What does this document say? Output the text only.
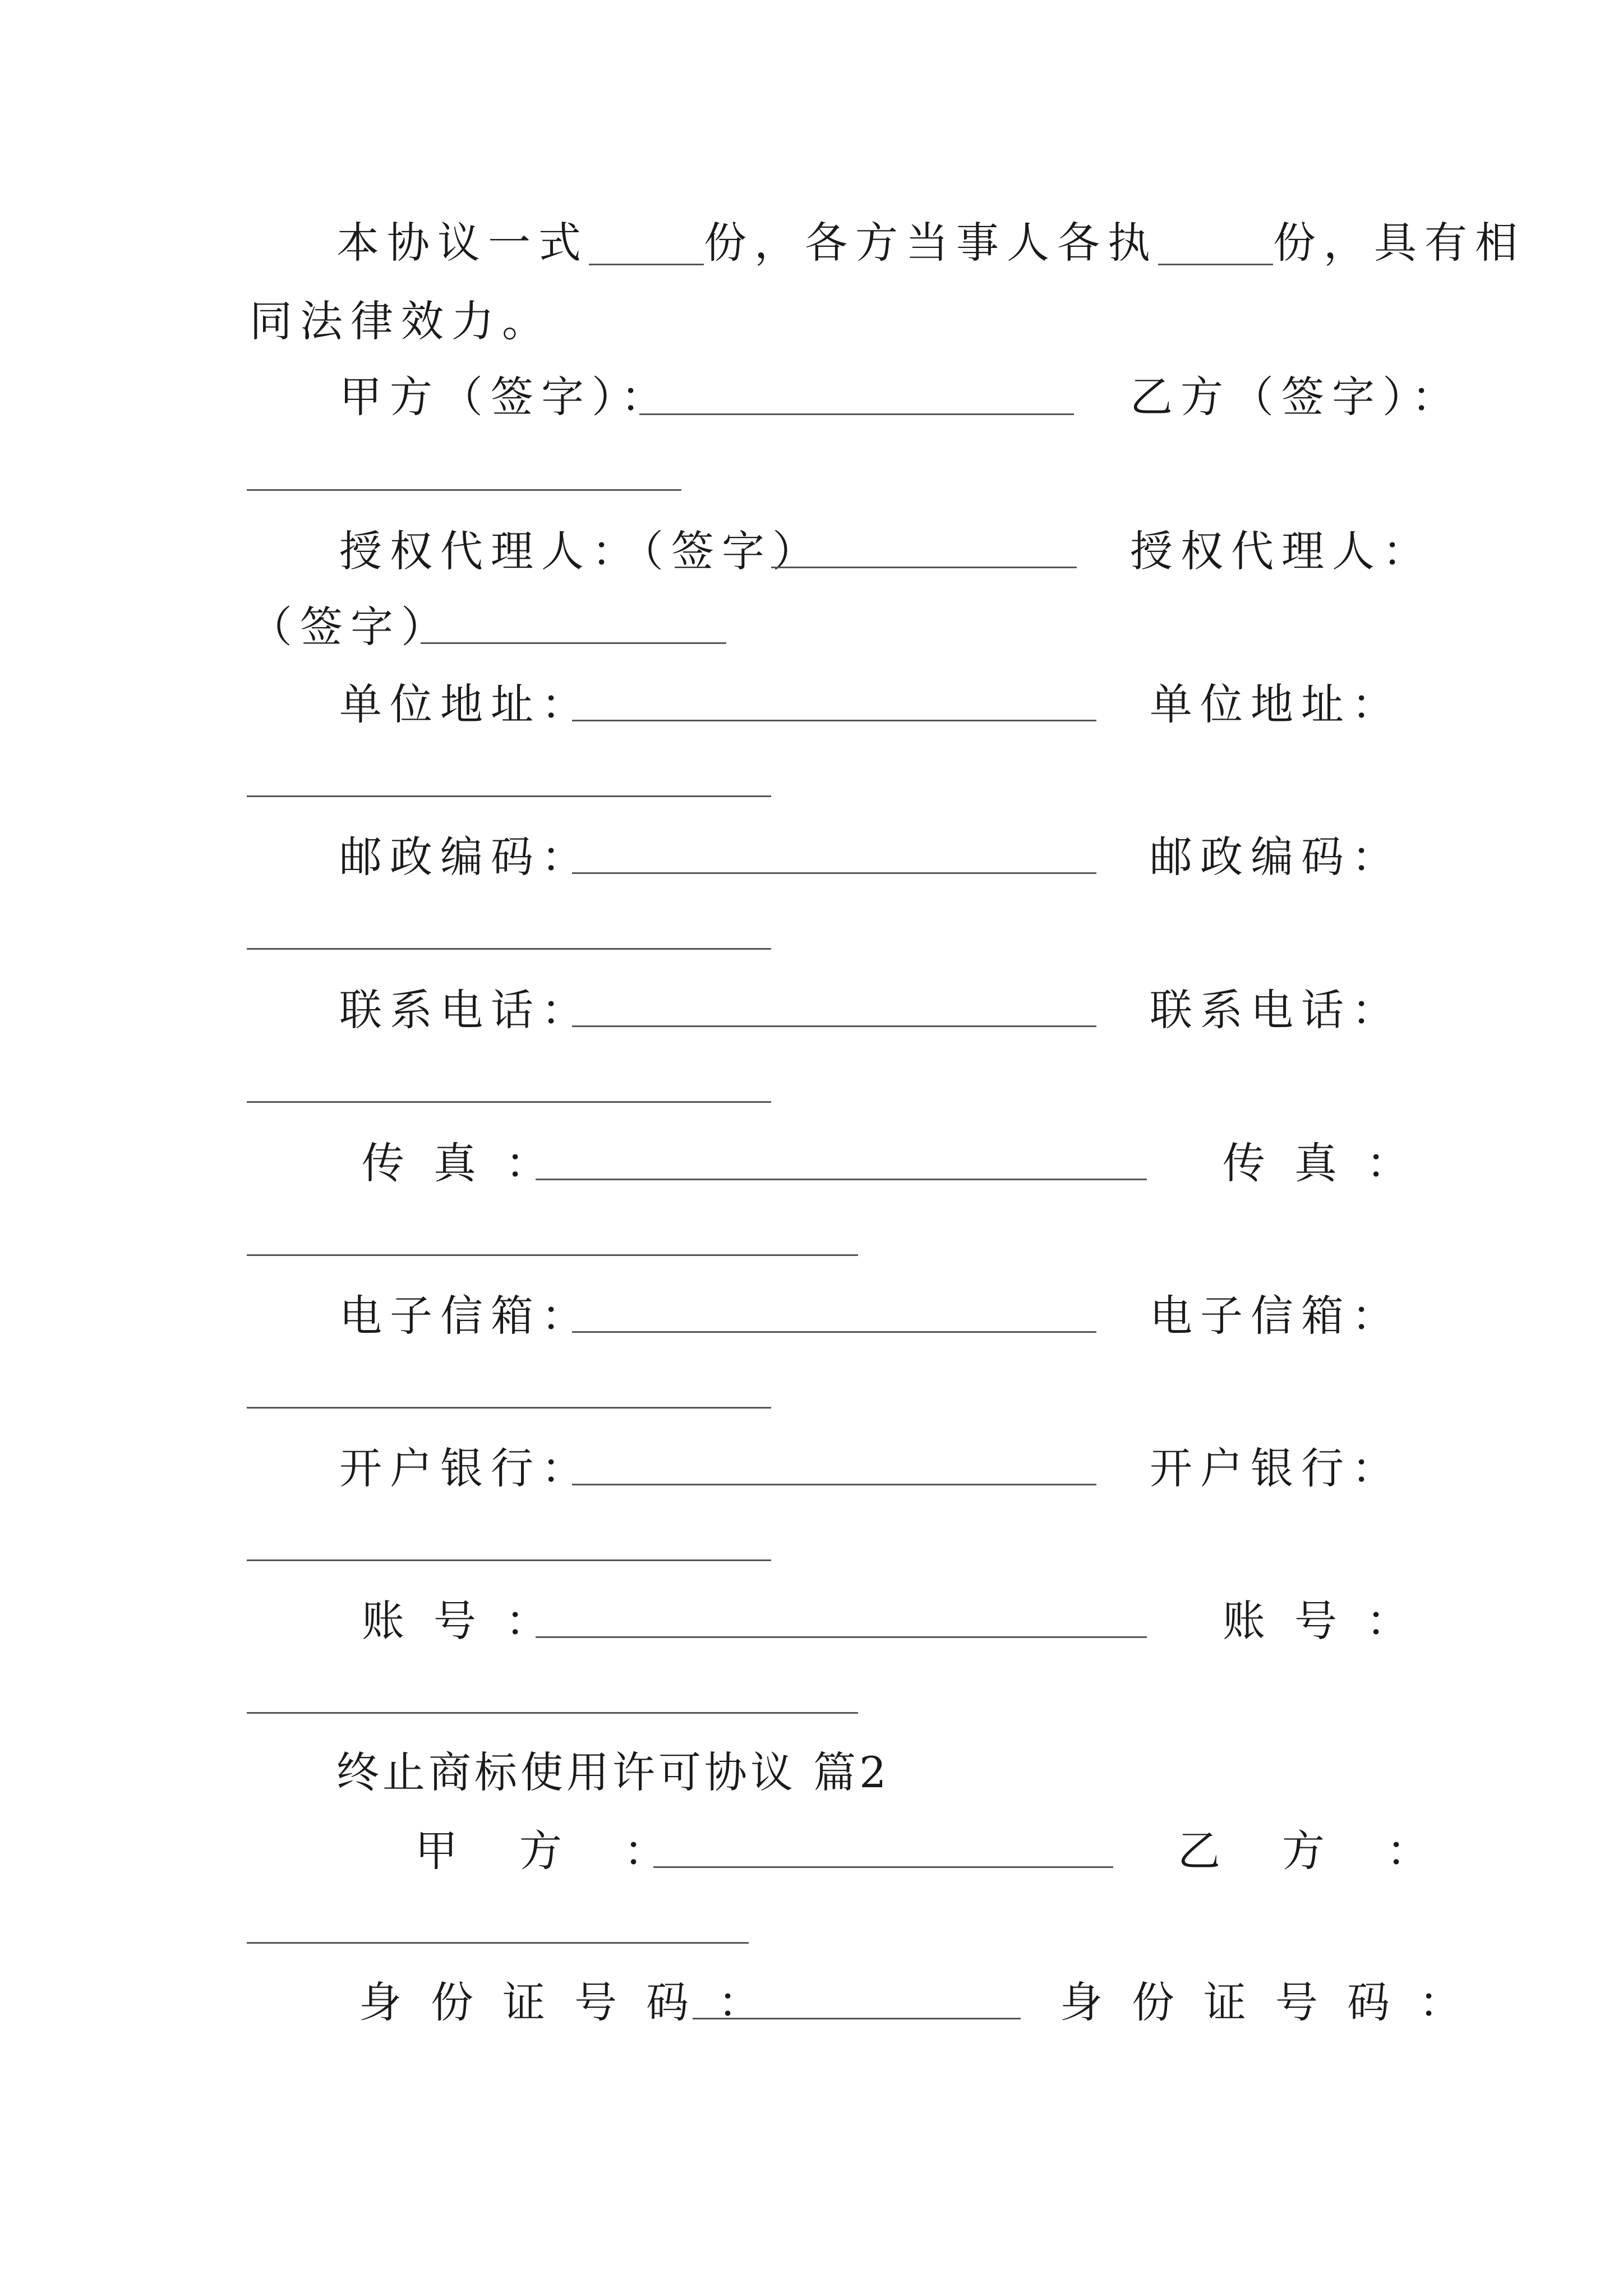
本协议一式	份，各方当事人各执	份，具有相
同法律效力。
甲方（签字）：	乙方（签字）：
授权代理人：（签字）	授权代理人：
（签字）
单位地址：	单位地址：
邮政编码：	邮政编码：
联系电话：	联系电话：
传真：	传真：
电子信箱：	电子信箱：
开户银行：	开户银行：
账号：	账号：
终止商标使用许可协议 篇2
甲方：	乙方：
身份证号码：	身份证号码：
